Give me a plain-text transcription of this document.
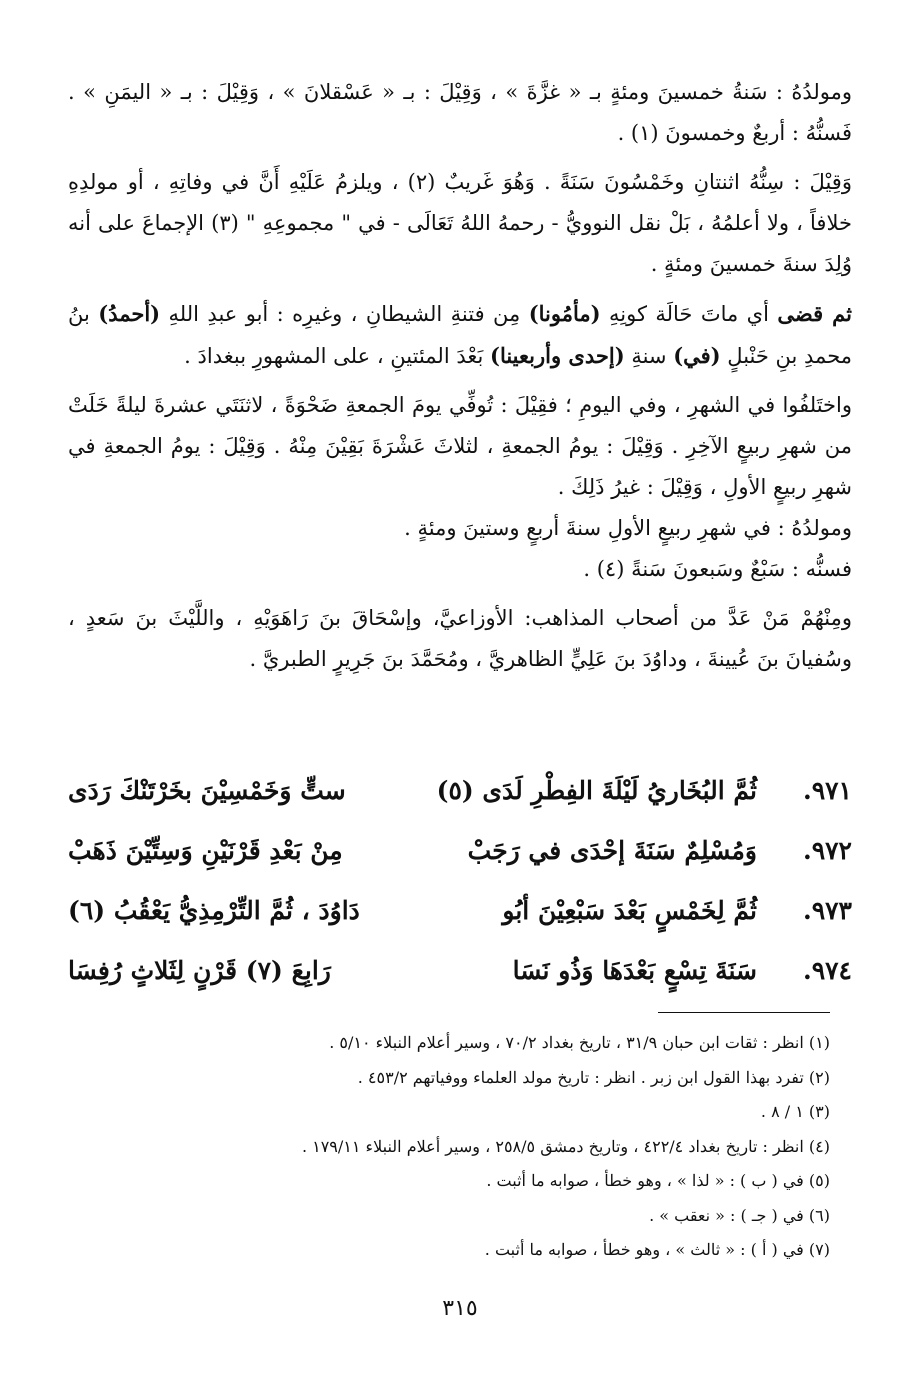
ومولدُهُ : سَنةُ خمسينَ ومئةٍ بـ « غزَّةَ » ، وَقِيْلَ : بـ « عَسْقلانَ » ، وَقِيْلَ : بـ « اليمَنِ » . فَسنُّهُ : أربعٌ وخمسونَ (١) .

وَقِيْلَ : سِنُّهُ اثنتانِ وخَمْسُونَ سَنَةً . وَهُوَ غَريبٌ (٢) ، ويلزمُ عَلَيْهِ أَنَّ في وفاتِهِ ، أو مولدِهِ خلافاً ، ولا أعلمُهُ ، بَلْ نقل النوويُّ - رحمهُ اللهُ تَعَالَى - في " مجموعِهِ " (٣) الإجماعَ على أنه وُلِدَ سنةَ خمسينَ ومئةٍ .

ثم قضى أي ماتَ حَالَة كونِهِ (مأمُونا) مِن فتنةِ الشيطانِ ، وغيرِه : أبو عبدِ اللهِ (أحمدُ) بنُ محمدِ بنِ حَنْبلٍ (في) سنةِ (إحدى وأربعينا) بَعْدَ المئتينِ ، على المشهورِ ببغدادَ .

واختَلفُوا في الشهرِ ، وفي اليومِ ؛ فقِيْلَ : تُوفِّي يومَ الجمعةِ ضَحْوَةً ، لاثنَتَي عشرةَ ليلةً خَلَتْ من شهرِ ربيعٍ الآخِرِ . وَقِيْلَ : يومُ الجمعةِ ، لثلاثَ عَشْرَةَ بَقِيْنَ مِنْهُ . وَقِيْلَ : يومُ الجمعةِ في شهرِ ربيعٍ الأولِ ، وَقِيْلَ : غيرُ ذَلِكَ .

ومولدُهُ : في شهرِ ربيعٍ الأولِ سنةَ أربعٍ وستينَ ومئةٍ .

فسنُّه : سَبْعٌ وسَبعونَ سَنةً (٤) .

ومِنْهُمْ مَنْ عَدَّ من أصحاب المذاهب: الأوزاعيَّ، وإسْحَاقَ بنَ رَاهَوَيْهِ ، واللَّيْثَ بنَ سَعدٍ ، وسُفيانَ بنَ عُيينةَ ، وداوُدَ بنَ عَلِيٍّ الظاهريَّ ، ومُحَمَّدَ بنَ جَرِيرٍ الطبريَّ .

٩٧١.
ثُمَّ البُخَاريُ لَيْلَةَ الفِطْرِ لَدَى (٥)
ستٍّ وَخَمْسِيْنَ بخَرْتَنْكَ رَدَى
٩٧٢.
وَمُسْلِمٌ سَنَةَ إحْدَى في رَجَبْ
مِنْ بَعْدِ قَرْنَيْنِ وَسِتِّيْنَ ذَهَبْ
٩٧٣.
ثُمَّ لِخَمْسٍ بَعْدَ سَبْعِيْنَ أبُو
دَاوُدَ ، ثُمَّ التِّرْمِذِيُّ يَعْقُبُ (٦)
٩٧٤.
سَنَةَ تِسْعٍ بَعْدَهَا وَذُو نَسَا
رَابِعَ (٧) قَرْنٍ لِثَلاثٍ رُفِسَا
(١) انظر : ثقات ابن حبان ٣١/٩ ، تاريخ بغداد ٧٠/٢ ، وسير أعلام النبلاء ٥/١٠ .
(٢) تفرد بهذا القول ابن زبر . انظر : تاريخ مولد العلماء ووفياتهم ٤٥٣/٢ .
(٣) ١ / ٨ .
(٤) انظر : تاريخ بغداد ٤٢٢/٤ ، وتاريخ دمشق ٢٥٨/٥ ، وسير أعلام النبلاء ١٧٩/١١ .
(٥) في ( ب ) : « لذا » ، وهو خطأ ، صوابه ما أثبت .
(٦) في ( جـ ) : « نعقب » .
(٧) في ( أ ) : « ثالث » ، وهو خطأ ، صوابه ما أثبت .
٣١٥
